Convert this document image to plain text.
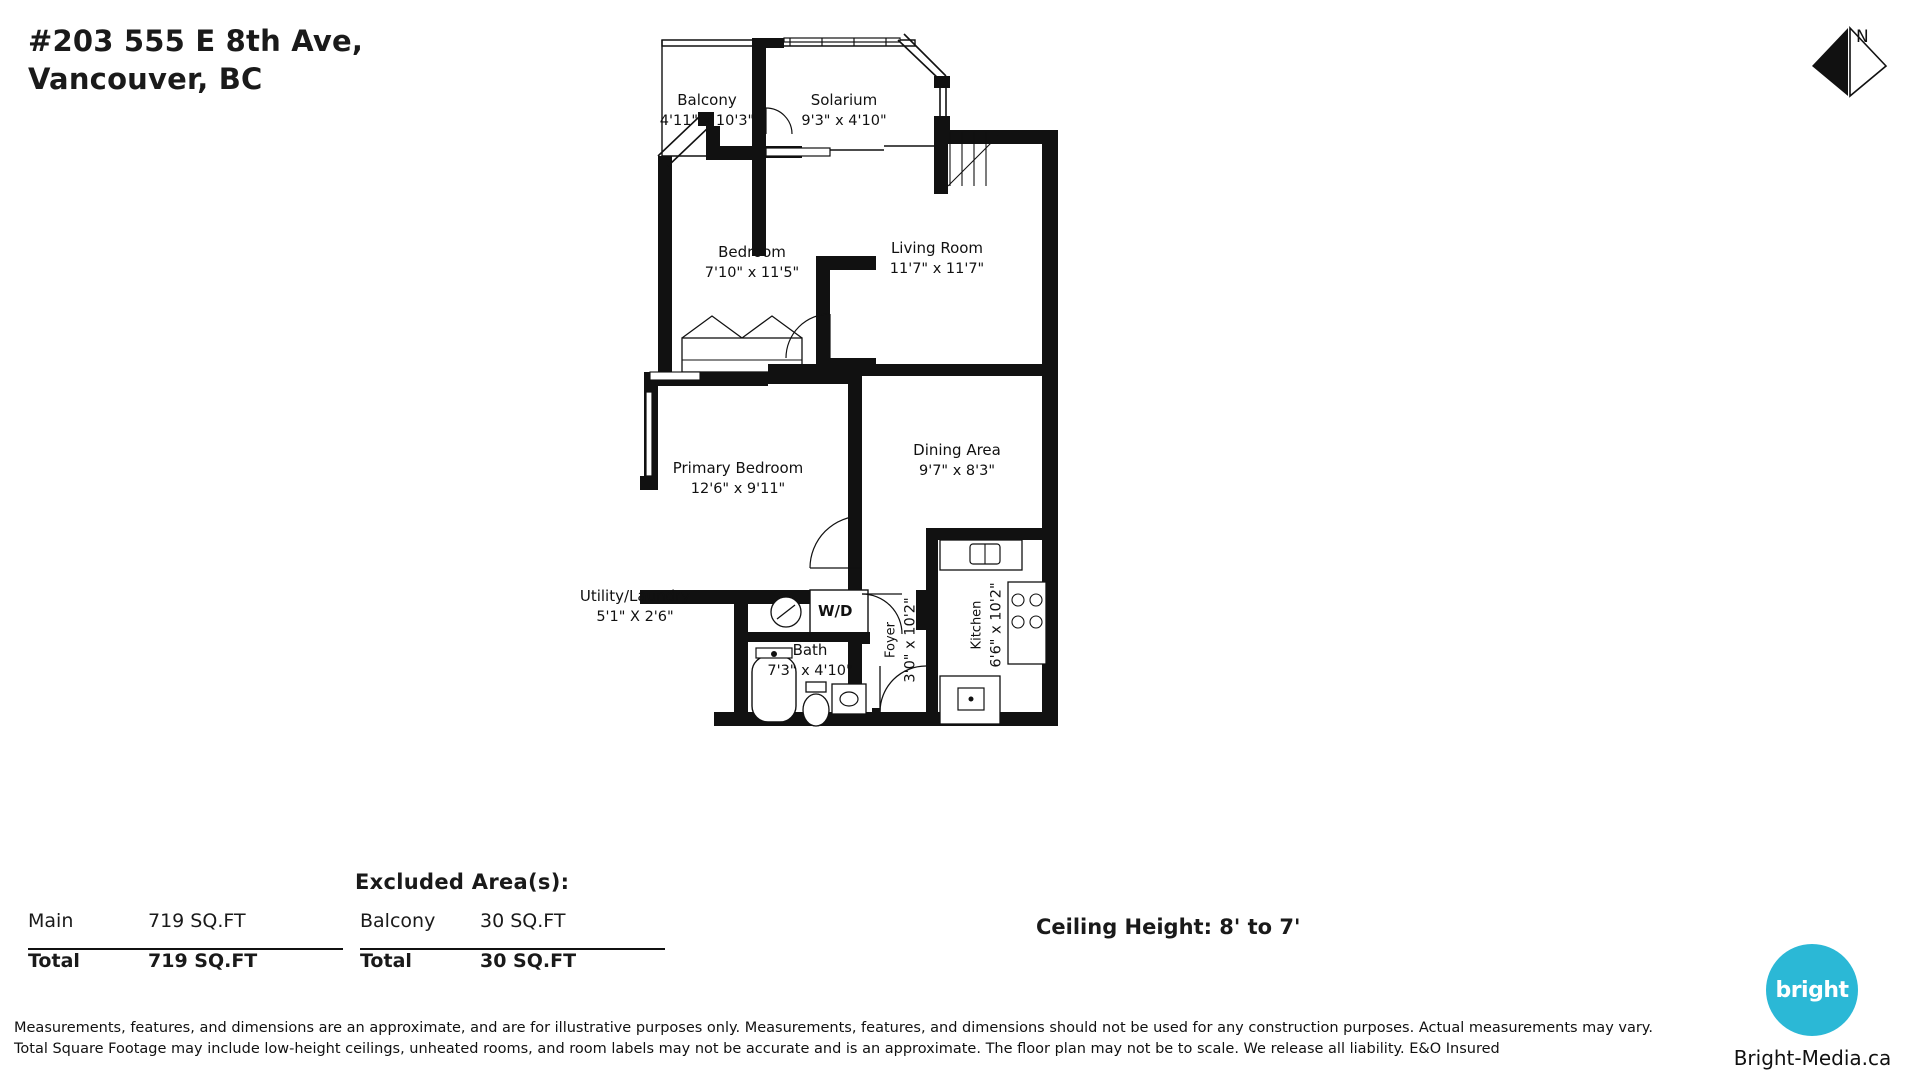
#203 555 E 8th Ave,
Vancouver, BC
N
Balcony
4'11" x 10'3"
Solarium
9'3" x 4'10"
Bedroom
7'10" x 11'5"
Living Room
11'7" x 11'7"
Dining Area
9'7" x 8'3"
Primary Bedroom
12'6" x 9'11"
Utility/Laundry
5'1" X 2'6"
Bath
7'3" x 4'10"
Foyer 3'0" x 10'2"	Kitchen 6'6" x 10'2"
W/D
Ceiling Height: 8' to 7'
Excluded Area(s):
Main	719 SQ.FT
Total	719 SQ.FT
Balcony	30 SQ.FT
Total	30 SQ.FT
Measurements, features, and dimensions are an approximate, and are for illustrative purposes only. Measurements, features, and dimensions should not be used for any construction purposes. Actual measurements may vary. Total Square Footage may include low-height ceilings, unheated rooms, and room labels may not be accurate and is an approximate. The floor plan may not be to scale. We release all liability. E&O Insured
bright
Bright-Media.ca
